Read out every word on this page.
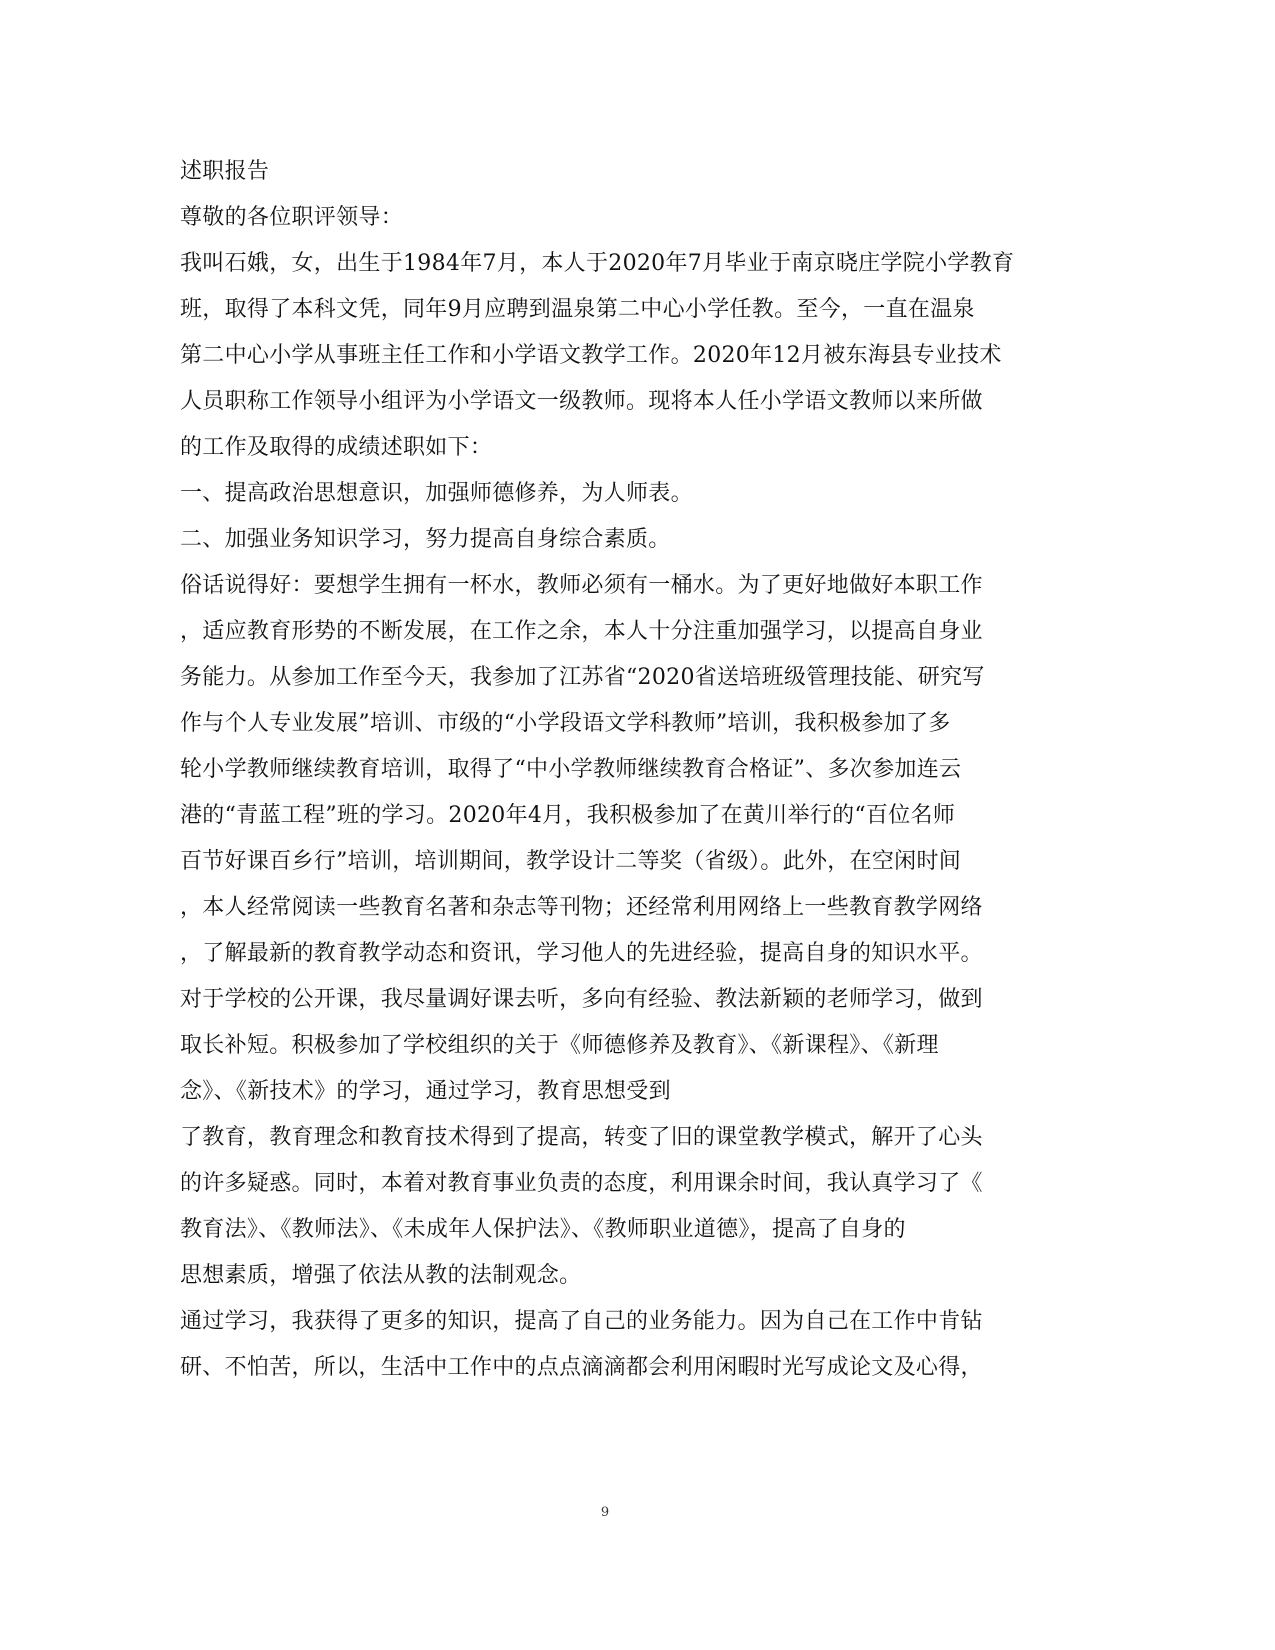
述职报告
尊敬的各位职评领导：
我叫石娥，女，出生于1984年7月，本人于2020年7月毕业于南京晓庄学院小学教育
班，取得了本科文凭，同年9月应聘到温泉第二中心小学任教。至今，一直在温泉
第二中心小学从事班主任工作和小学语文教学工作。2020年12月被东海县专业技术
人员职称工作领导小组评为小学语文一级教师。现将本人任小学语文教师以来所做
的工作及取得的成绩述职如下：
一、提高政治思想意识，加强师德修养，为人师表。
二、加强业务知识学习，努力提高自身综合素质。
俗话说得好：要想学生拥有一杯水，教师必须有一桶水。为了更好地做好本职工作
，适应教育形势的不断发展，在工作之余，本人十分注重加强学习，以提高自身业
务能力。从参加工作至今天，我参加了江苏省“2020省送培班级管理技能、研究写
作与个人专业发展”培训、市级的“小学段语文学科教师”培训，我积极参加了多
轮小学教师继续教育培训，取得了“中小学教师继续教育合格证”、多次参加连云
港的“青蓝工程”班的学习。2020年4月，我积极参加了在黄川举行的“百位名师
百节好课百乡行”培训，培训期间，教学设计二等奖（省级）。此外，在空闲时间
，本人经常阅读一些教育名著和杂志等刊物；还经常利用网络上一些教育教学网络
，了解最新的教育教学动态和资讯，学习他人的先进经验，提高自身的知识水平。
对于学校的公开课，我尽量调好课去听，多向有经验、教法新颖的老师学习，做到
取长补短。积极参加了学校组织的关于《师德修养及教育》、《新课程》、《新理
念》、《新技术》的学习，通过学习，教育思想受到
了教育，教育理念和教育技术得到了提高，转变了旧的课堂教学模式，解开了心头
的许多疑惑。同时，本着对教育事业负责的态度，利用课余时间，我认真学习了《
教育法》、《教师法》、《未成年人保护法》、《教师职业道德》，提高了自身的
思想素质，增强了依法从教的法制观念。
通过学习，我获得了更多的知识，提高了自己的业务能力。因为自己在工作中肯钻
研、不怕苦，所以，生活中工作中的点点滴滴都会利用闲暇时光写成论文及心得，
9
